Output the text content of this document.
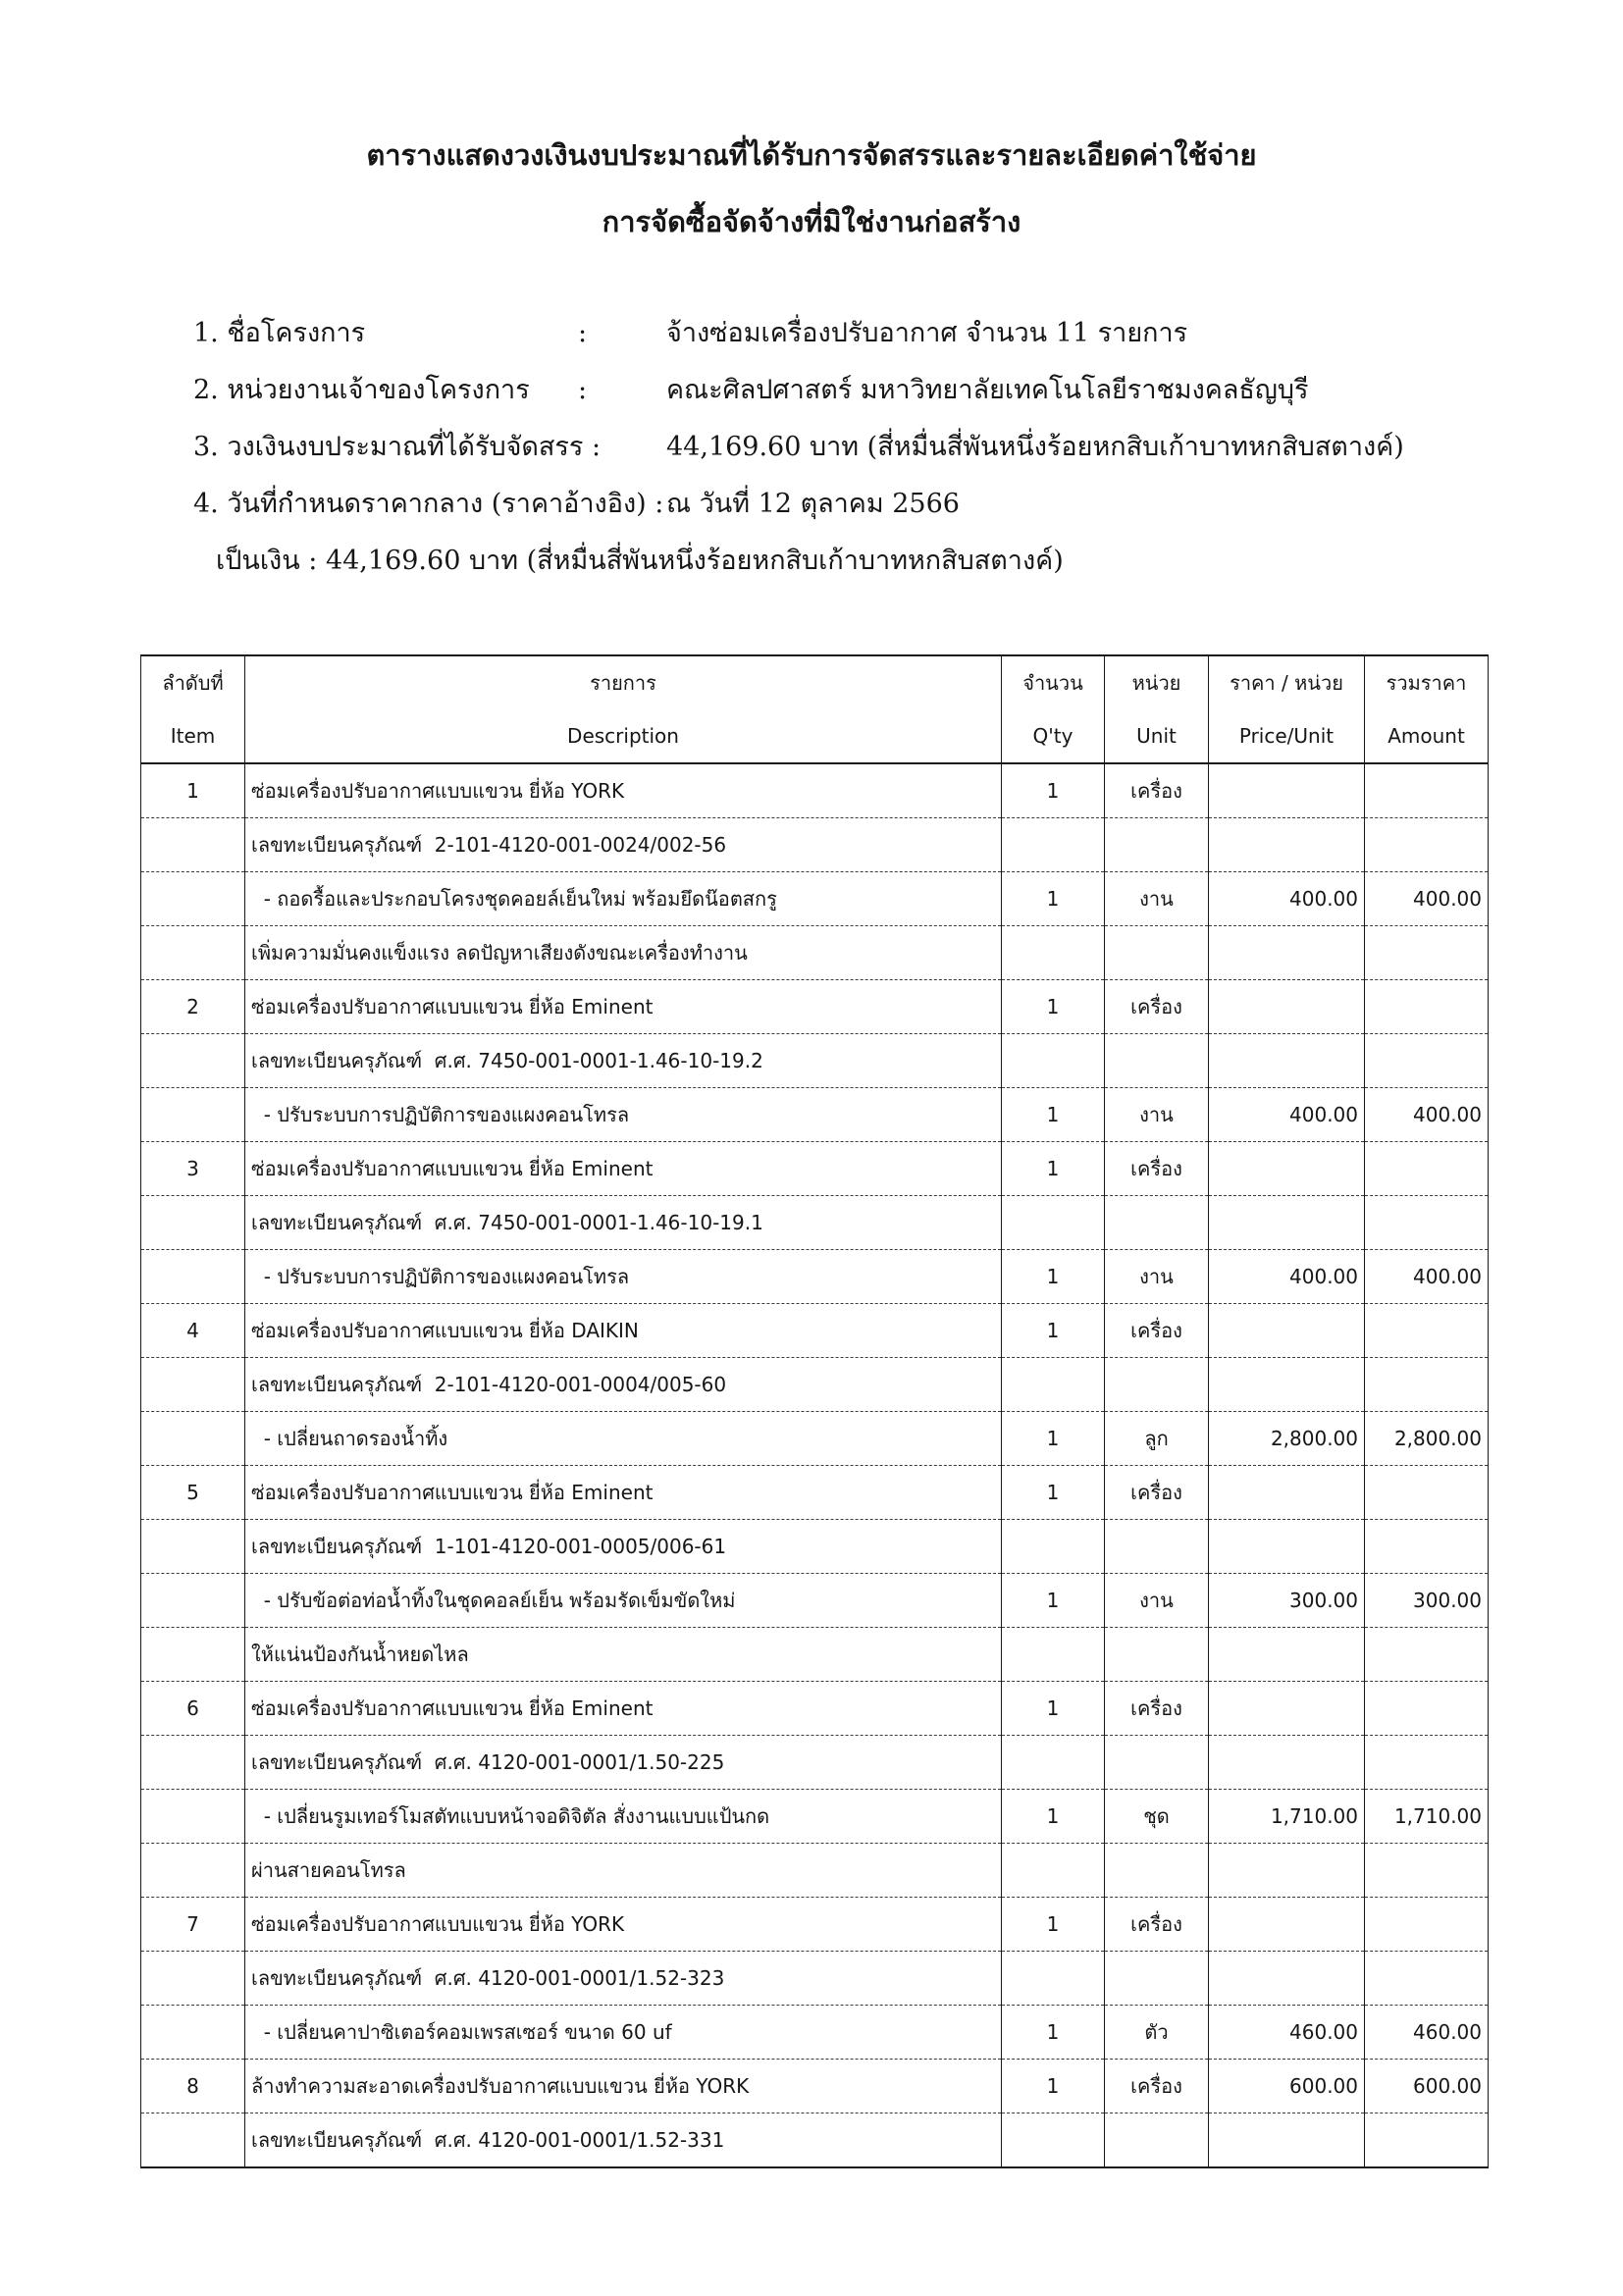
ตารางแสดงวงเงินงบประมาณที่ได้รับการจัดสรรและรายละเอียดค่าใช้จ่าย
การจัดซื้อจัดจ้างที่มิใช่งานก่อสร้าง
1. ชื่อโครงการ	:	จ้างซ่อมเครื่องปรับอากาศ จำนวน 11 รายการ
2. หน่วยงานเจ้าของโครงการ :	คณะศิลปศาสตร์ มหาวิทยาลัยเทคโนโลยีราชมงคลธัญบุรี
3. วงเงินงบประมาณที่ได้รับจัดสรร : 44,169.60 บาท (สี่หมื่นสี่พันหนึ่งร้อยหกสิบเก้าบาทหกสิบสตางค์)
4. วันที่กำหนดราคากลาง (ราคาอ้างอิง) : ณ วันที่ 12 ตุลาคม 2566
เป็นเงิน : 44,169.60 บาท (สี่หมื่นสี่พันหนึ่งร้อยหกสิบเก้าบาทหกสิบสตางค์)
ลำดับที่	รายการ	จำนวน	หน่วย	ราคา / หน่วย	รวมราคา
Item	Description	Q'ty	Unit	Price/Unit	Amount
1	ซ่อมเครื่องปรับอากาศแบบแขวน ยี่ห้อ YORK	1	เครื่อง		
	เลขทะเบียนครุภัณฑ์  2-101-4120-001-0024/002-56				
	- ถอดรื้อและประกอบโครงชุดคอยล์เย็นใหม่ พร้อมยึดน๊อตสกรู	1	งาน	400.00	400.00
	เพิ่มความมั่นคงแข็งแรง ลดปัญหาเสียงดังขณะเครื่องทำงาน				
2	ซ่อมเครื่องปรับอากาศแบบแขวน ยี่ห้อ Eminent	1	เครื่อง		
	เลขทะเบียนครุภัณฑ์  ศ.ศ. 7450-001-0001-1.46-10-19.2				
	- ปรับระบบการปฏิบัติการของแผงคอนโทรล	1	งาน	400.00	400.00
3	ซ่อมเครื่องปรับอากาศแบบแขวน ยี่ห้อ Eminent	1	เครื่อง		
	เลขทะเบียนครุภัณฑ์  ศ.ศ. 7450-001-0001-1.46-10-19.1				
	- ปรับระบบการปฏิบัติการของแผงคอนโทรล	1	งาน	400.00	400.00
4	ซ่อมเครื่องปรับอากาศแบบแขวน ยี่ห้อ DAIKIN	1	เครื่อง		
	เลขทะเบียนครุภัณฑ์  2-101-4120-001-0004/005-60				
	- เปลี่ยนถาดรองน้ำทิ้ง	1	ลูก	2,800.00	2,800.00
5	ซ่อมเครื่องปรับอากาศแบบแขวน ยี่ห้อ Eminent	1	เครื่อง		
	เลขทะเบียนครุภัณฑ์  1-101-4120-001-0005/006-61				
	- ปรับข้อต่อท่อน้ำทิ้งในชุดคอลย์เย็น พร้อมรัดเข็มขัดใหม่	1	งาน	300.00	300.00
	ให้แน่นป้องกันน้ำหยดไหล				
6	ซ่อมเครื่องปรับอากาศแบบแขวน ยี่ห้อ Eminent	1	เครื่อง		
	เลขทะเบียนครุภัณฑ์  ศ.ศ. 4120-001-0001/1.50-225				
	- เปลี่ยนรูมเทอร์โมสตัทแบบหน้าจอดิจิตัล สั่งงานแบบแป้นกด	1	ชุด	1,710.00	1,710.00
	ผ่านสายคอนโทรล				
7	ซ่อมเครื่องปรับอากาศแบบแขวน ยี่ห้อ YORK	1	เครื่อง		
	เลขทะเบียนครุภัณฑ์  ศ.ศ. 4120-001-0001/1.52-323				
	- เปลี่ยนคาปาซิเตอร์คอมเพรสเซอร์ ขนาด 60 uf	1	ตัว	460.00	460.00
8	ล้างทำความสะอาดเครื่องปรับอากาศแบบแขวน ยี่ห้อ YORK	1	เครื่อง	600.00	600.00
	เลขทะเบียนครุภัณฑ์  ศ.ศ. 4120-001-0001/1.52-331				
